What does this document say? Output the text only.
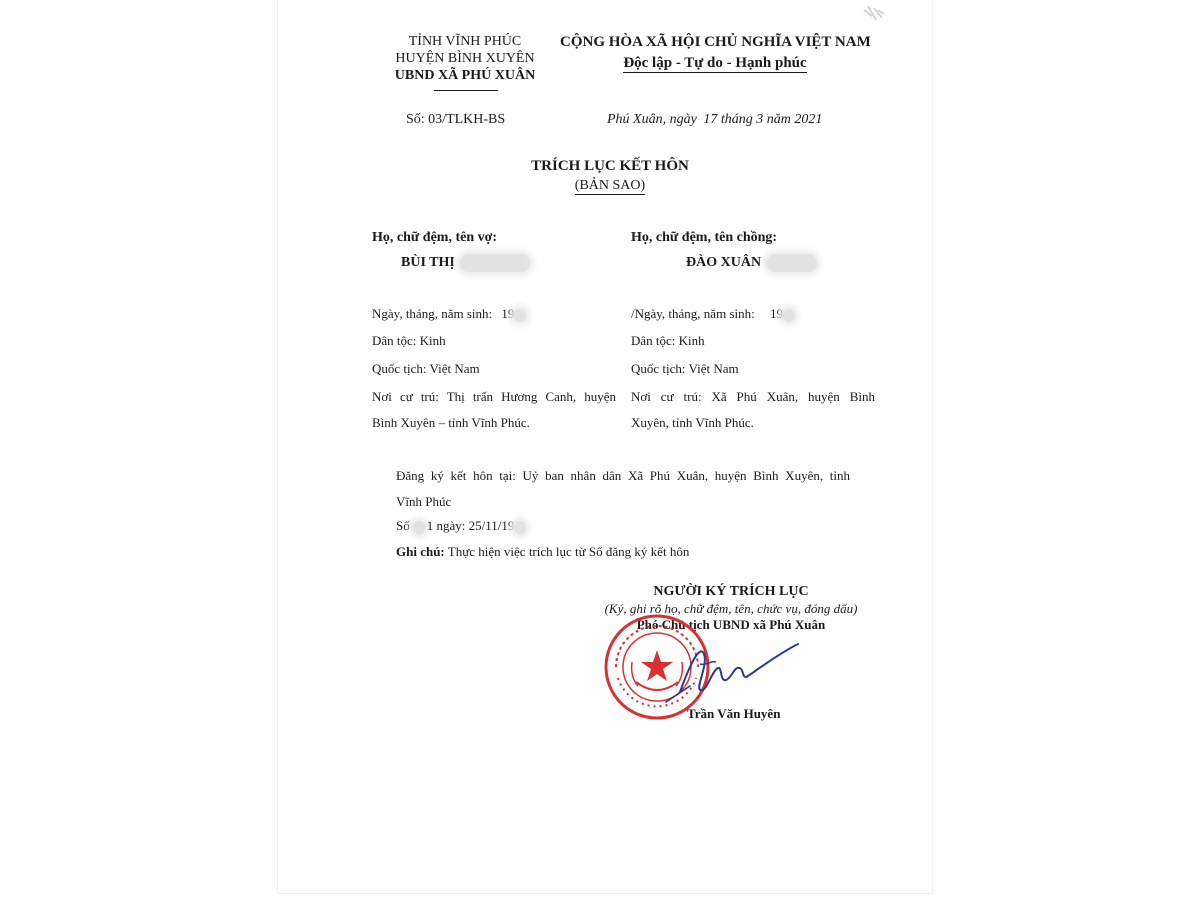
TỈNH VĨNH PHÚC
HUYỆN BÌNH XUYÊN
UBND XÃ PHÚ XUÂN
CỘNG HÒA XÃ HỘI CHỦ NGHĨA VIỆT NAM
Độc lập - Tự do - Hạnh phúc
Số: 03/TLKH-BS	Phú Xuân, ngày 17 tháng 3 năm 2021
TRÍCH LỤC KẾT HÔN
(BẢN SAO)
Họ, chữ đệm, tên vợ:
BÙI THỊ
Ngày, tháng, năm sinh: 19
Dân tộc: Kinh
Quốc tịch: Việt Nam
Nơi cư trú: Thị trấn Hương Canh, huyện
Bình Xuyên – tỉnh Vĩnh Phúc.
Họ, chữ đệm, tên chồng:
ĐÀO XUÂN
/Ngày, tháng, năm sinh: 19
Dân tộc: Kinh
Quốc tịch: Việt Nam
Nơi cư trú: Xã Phú Xuân, huyện Bình
Xuyên, tỉnh Vĩnh Phúc.
Đăng ký kết hôn tại: Uỷ ban nhân dân Xã Phú Xuân, huyện Bình Xuyên, tỉnh
Vĩnh Phúc
Số 1 ngày: 25/11/19
Ghi chú: Thực hiện việc trích lục từ Sổ đăng ký kết hôn
NGƯỜI KÝ TRÍCH LỤC
(Ký, ghi rõ họ, chữ đệm, tên, chức vụ, đóng dấu)
Phó Chủ tịch UBND xã Phú Xuân
Trần Văn Huyên
